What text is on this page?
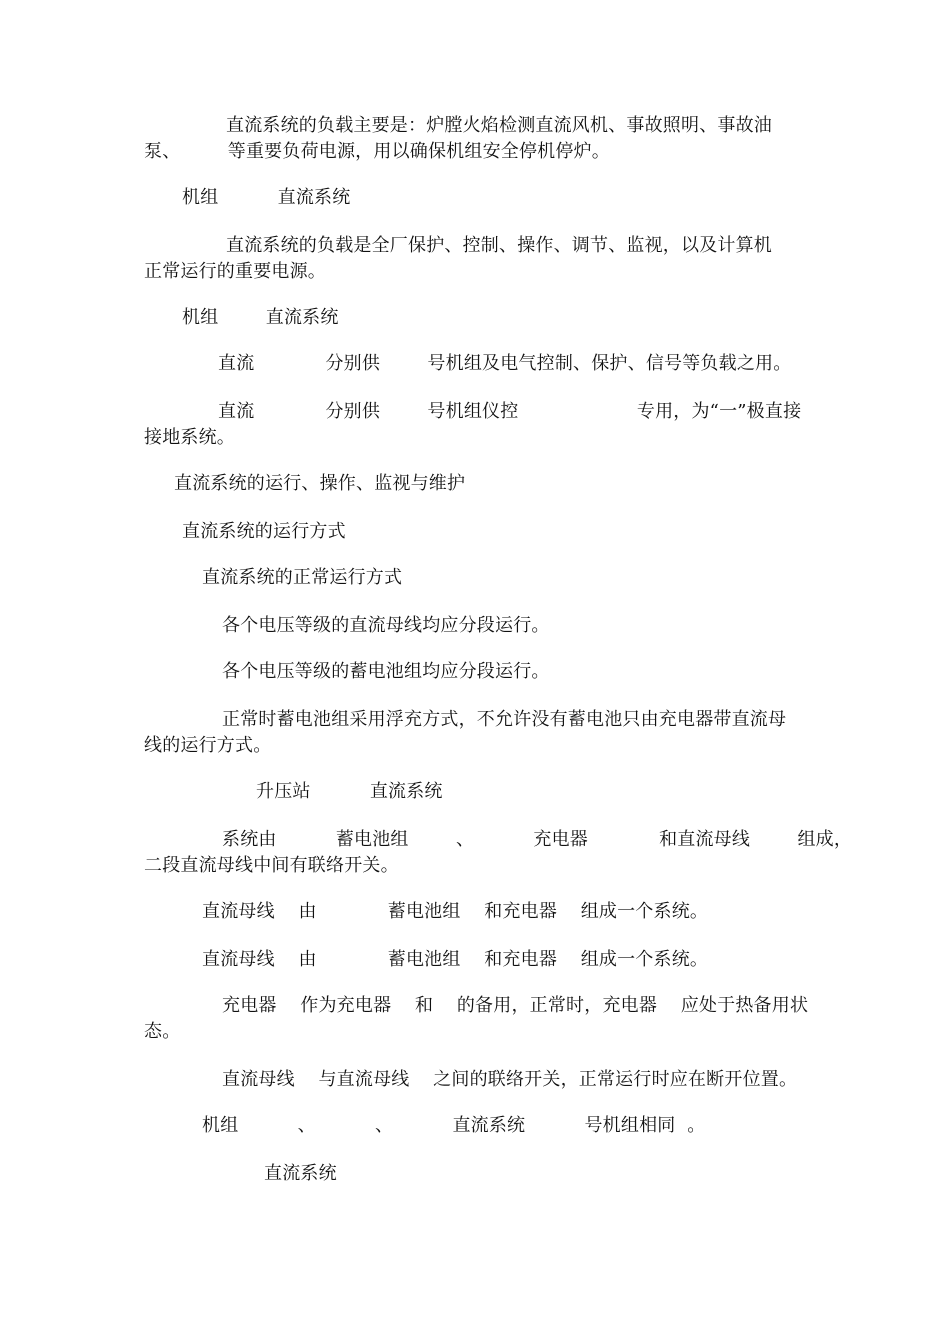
直流系统的负载主要是：炉膛火焰检测直流风机、事故照明、事故油
泵、        等重要负荷电源，用以确保机组安全停机停炉。
机组          直流系统
直流系统的负载是全厂保护、控制、操作、调节、监视，以及计算机
正常运行的重要电源。
机组        直流系统
直流            分别供        号机组及电气控制、保护、信号等负载之用。
直流            分别供        号机组仪控                    专用，为“一”极直接
接地系统。
直流系统的运行、操作、监视与维护
直流系统的运行方式
直流系统的正常运行方式
各个电压等级的直流母线均应分段运行。
各个电压等级的蓄电池组均应分段运行。
正常时蓄电池组采用浮充方式，不允许没有蓄电池只由充电器带直流母
线的运行方式。
升压站          直流系统
系统由          蓄电池组        、          充电器            和直流母线        组成，
二段直流母线中间有联络开关。
直流母线    由            蓄电池组    和充电器    组成一个系统。
直流母线    由            蓄电池组    和充电器    组成一个系统。
充电器    作为充电器    和    的备用，正常时，充电器    应处于热备用状
态。
直流母线    与直流母线    之间的联络开关，正常运行时应在断开位置。
机组          、          、          直流系统          号机组相同  。
直流系统
